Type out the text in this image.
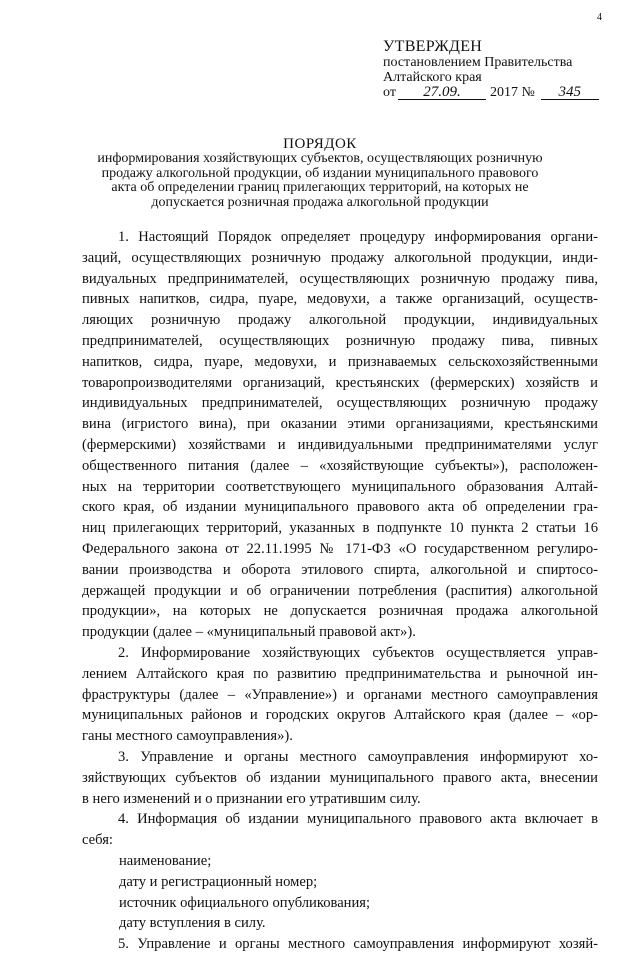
4
УТВЕРЖДЕН
постановлением Правительства
Алтайского края
от	27.09.	2017 №	345
ПОРЯДОК
информирования хозяйствующих субъектов, осуществляющих розничную
продажу алкогольной продукции, об издании муниципального правового
акта об определении границ прилегающих территорий, на которых не
допускается розничная продажа алкогольной продукции

1. Настоящий Порядок определяет процедуру информирования органи-

заций, осуществляющих розничную продажу алкогольной продукции, инди-

видуальных предпринимателей, осуществляющих розничную продажу пива,

пивных напитков, сидра, пуаре, медовухи, а также организаций, осуществ-

ляющих розничную продажу алкогольной продукции, индивидуальных

предпринимателей, осуществляющих розничную продажу пива, пивных

напитков, сидра, пуаре, медовухи, и признаваемых сельскохозяйственными

товаропроизводителями организаций, крестьянских (фермерских) хозяйств и

индивидуальных предпринимателей, осуществляющих розничную продажу

вина (игристого вина), при оказании этими организациями, крестьянскими

(фермерскими) хозяйствами и индивидуальными предпринимателями услуг

общественного питания (далее – «хозяйствующие субъекты»), расположен-

ных на территории соответствующего муниципального образования Алтай-

ского края, об издании муниципального правового акта об определении гра-

ниц прилегающих территорий, указанных в подпункте 10 пункта 2 статьи 16

Федерального закона от 22.11.1995 № 171-ФЗ «О государственном регулиро-

вании производства и оборота этилового спирта, алкогольной и спиртосо-

держащей продукции и об ограничении потребления (распития) алкогольной

продукции», на которых не допускается розничная продажа алкогольной

продукции (далее – «муниципальный правовой акт»).

2. Информирование хозяйствующих субъектов осуществляется управ-

лением Алтайского края по развитию предпринимательства и рыночной ин-

фраструктуры (далее – «Управление») и органами местного самоуправления

муниципальных районов и городских округов Алтайского края (далее – «ор-

ганы местного самоуправления»).

3. Управление и органы местного самоуправления информируют хо-

зяйствующих субъектов об издании муниципального правого акта, внесении

в него изменений и о признании его утратившим силу.

4. Информация об издании муниципального правового акта включает в

себя:

наименование;

дату и регистрационный номер;

источник официального опубликования;

дату вступления в силу.

5. Управление и органы местного самоуправления информируют хозяй-
